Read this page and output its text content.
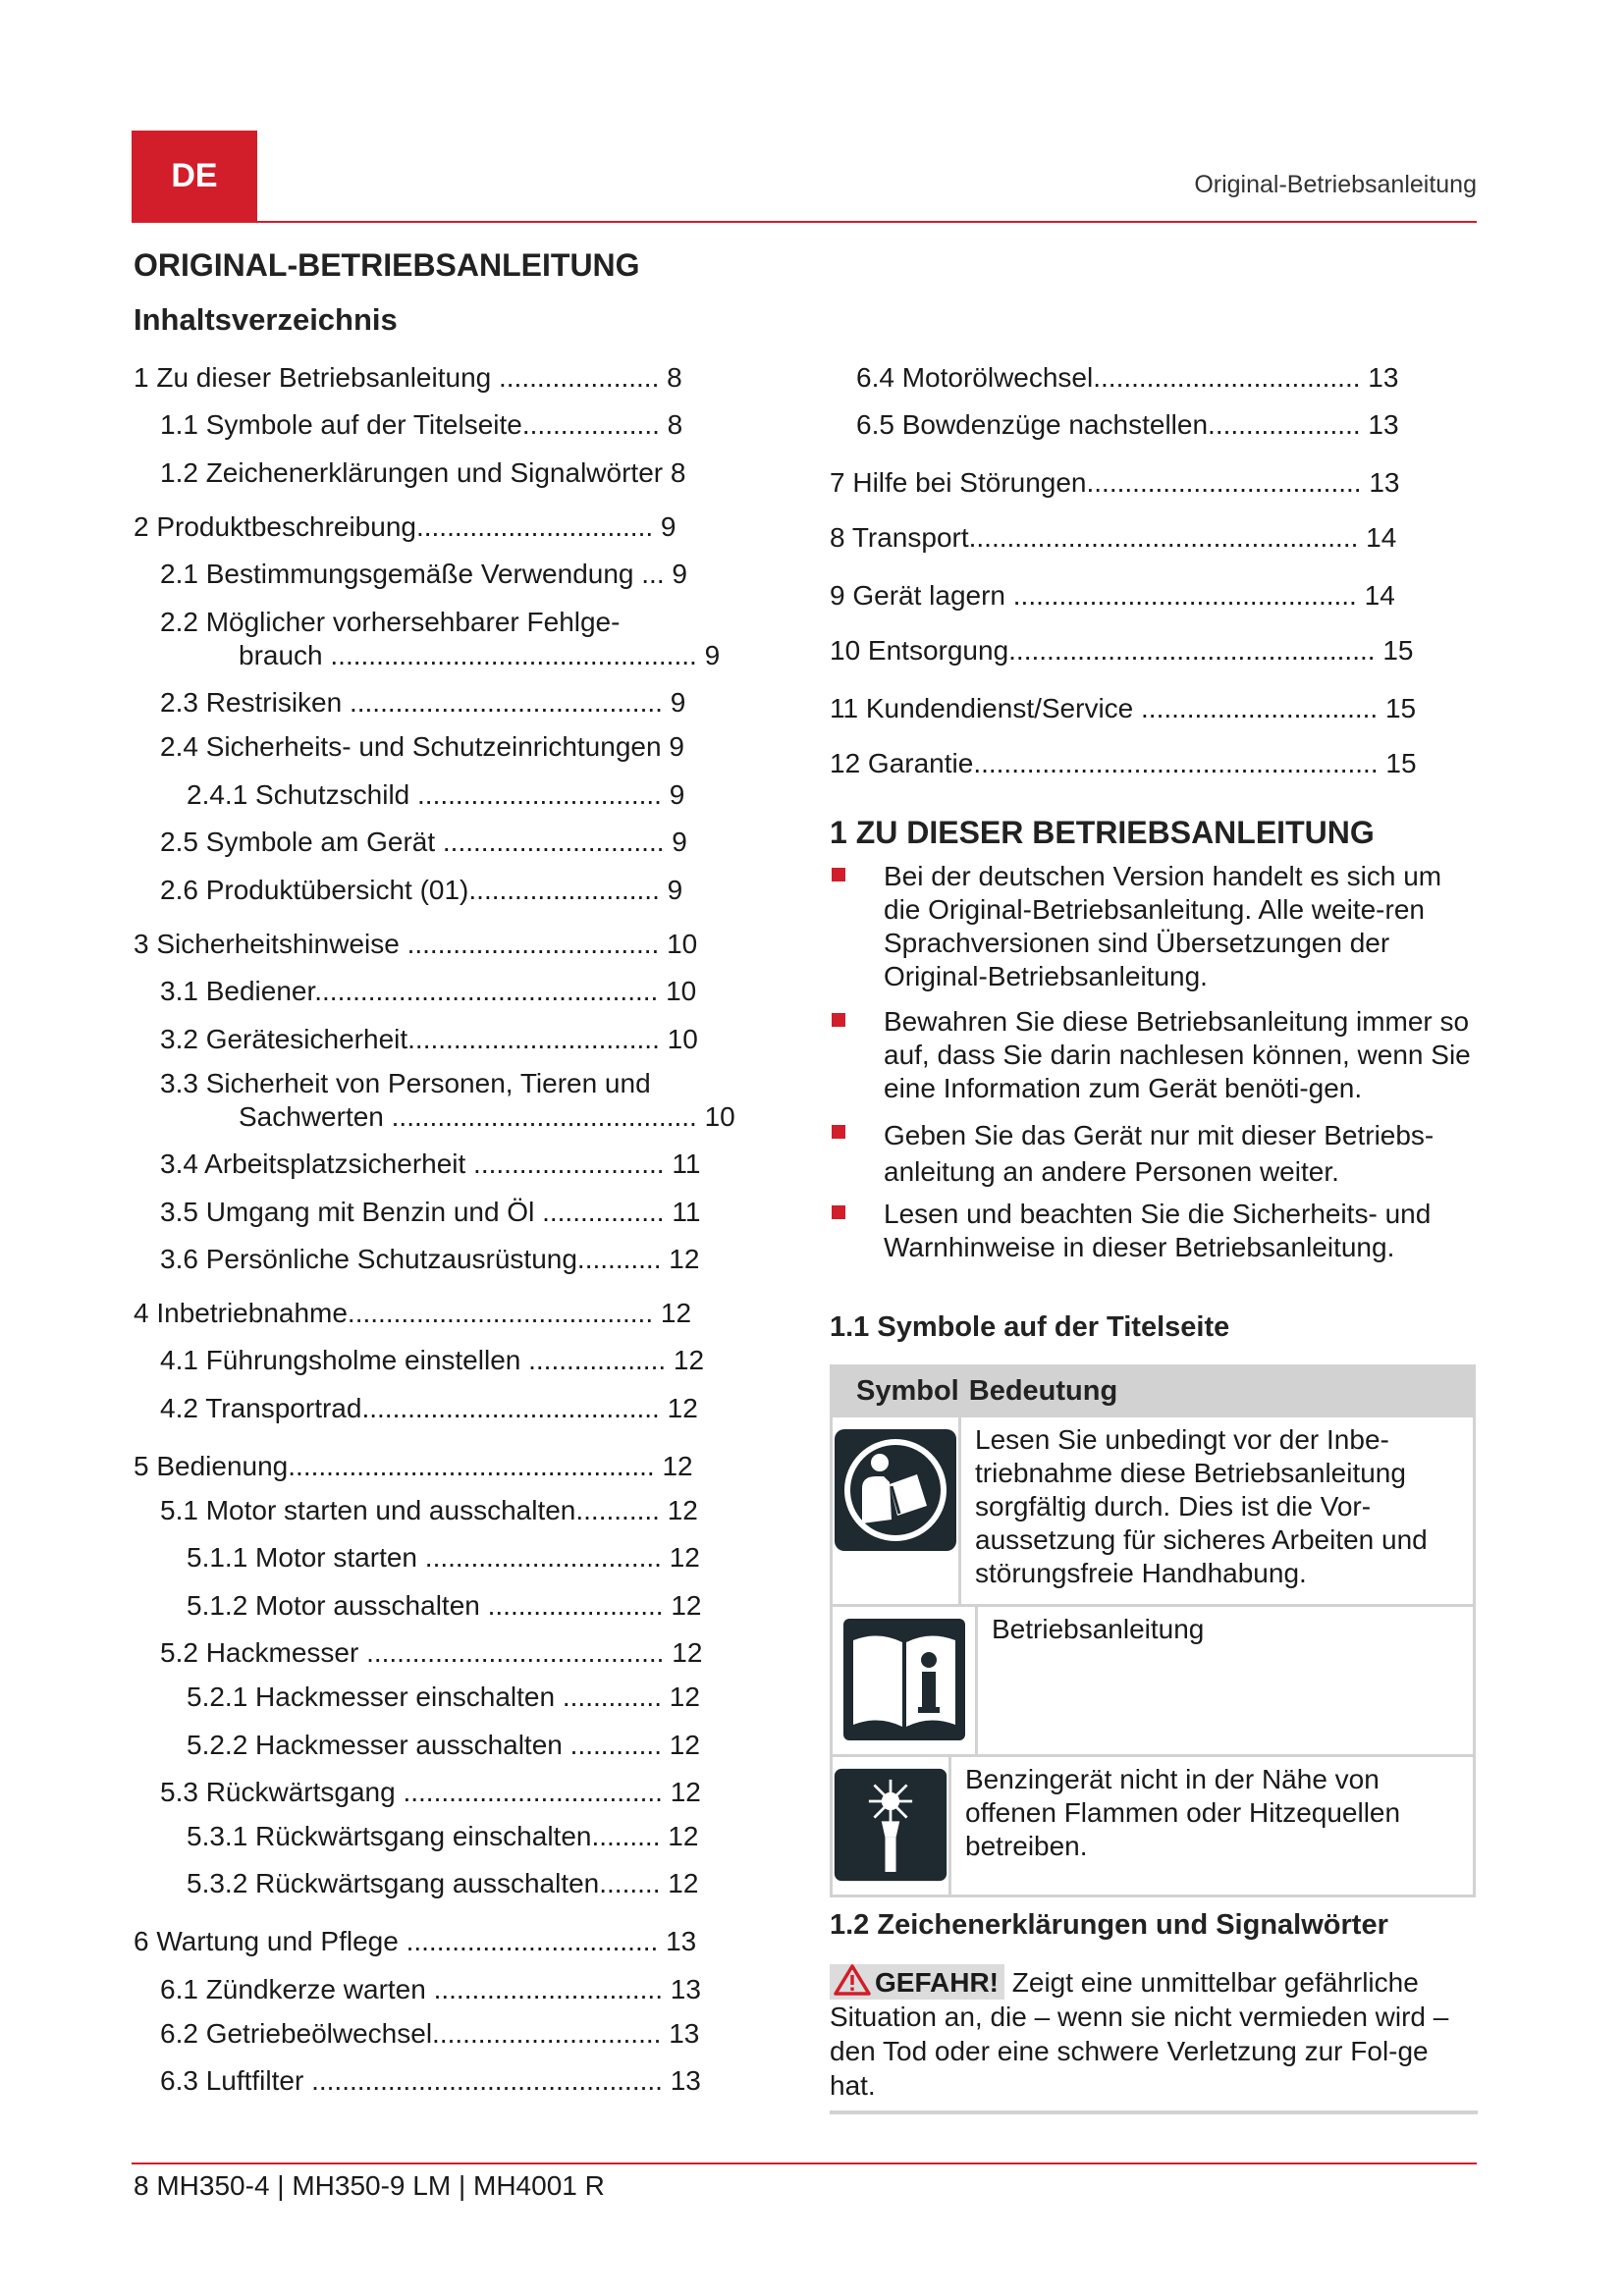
DE	Original-Betriebsanleitung
ORIGINAL-BETRIEBSANLEITUNG
Inhaltsverzeichnis
1 Zu dieser Betriebsanleitung ..................... 8
1.1 Symbole auf der Titelseite.................. 8
1.2 Zeichenerklärungen und Signalwörter 8
2 Produktbeschreibung............................... 9
2.1 Bestimmungsgemäße Verwendung ... 9
2.2 Möglicher vorhersehbarer Fehlge-
brauch ................................................ 9
2.3 Restrisiken ......................................... 9
2.4 Sicherheits- und Schutzeinrichtungen 9
2.4.1 Schutzschild ................................ 9
2.5 Symbole am Gerät ............................. 9
2.6 Produktübersicht (01)......................... 9
3 Sicherheitshinweise ................................. 10
3.1 Bediener............................................. 10
3.2 Gerätesicherheit................................. 10
3.3 Sicherheit von Personen, Tieren und
Sachwerten ........................................ 10
3.4 Arbeitsplatzsicherheit ......................... 11
3.5 Umgang mit Benzin und Öl ................ 11
3.6 Persönliche Schutzausrüstung........... 12
4 Inbetriebnahme........................................ 12
4.1 Führungsholme einstellen .................. 12
4.2 Transportrad....................................... 12
5 Bedienung................................................ 12
5.1 Motor starten und ausschalten........... 12
5.1.1 Motor starten ............................... 12
5.1.2 Motor ausschalten ....................... 12
5.2 Hackmesser ....................................... 12
5.2.1 Hackmesser einschalten ............. 12
5.2.2 Hackmesser ausschalten ............ 12
5.3 Rückwärtsgang .................................. 12
5.3.1 Rückwärtsgang einschalten......... 12
5.3.2 Rückwärtsgang ausschalten........ 12
6 Wartung und Pflege ................................. 13
6.1 Zündkerze warten .............................. 13
6.2 Getriebeölwechsel.............................. 13
6.3 Luftfilter .............................................. 13
6.4 Motorölwechsel................................... 13
6.5 Bowdenzüge nachstellen.................... 13
7 Hilfe bei Störungen.................................... 13
8 Transport................................................... 14
9 Gerät lagern ............................................. 14
10 Entsorgung................................................ 15
11 Kundendienst/Service ............................... 15
12 Garantie..................................................... 15
1 ZU DIESER BETRIEBSANLEITUNG
Bei der deutschen Version handelt es sich um die Original-Betriebsanleitung. Alle weite-ren Sprachversionen sind Übersetzungen der Original-Betriebsanleitung.
Bewahren Sie diese Betriebsanleitung immer so auf, dass Sie darin nachlesen können, wenn Sie eine Information zum Gerät benöti-gen.
Geben Sie das Gerät nur mit dieser Betriebs-anleitung an andere Personen weiter.
Lesen und beachten Sie die Sicherheits- und Warnhinweise in dieser Betriebsanleitung.
1.1 Symbole auf der Titelseite
Symbol Bedeutung
Lesen Sie unbedingt vor der Inbe-triebnahme diese Betriebsanleitung sorgfältig durch. Dies ist die Vor-aussetzung für sicheres Arbeiten und störungsfreie Handhabung.
Betriebsanleitung
Benzingerät nicht in der Nähe von offenen Flammen oder Hitzequellen betreiben.
1.2 Zeichenerklärungen und Signalwörter
GEFAHR! Zeigt eine unmittelbar gefährliche Situation an, die – wenn sie nicht vermieden wird – den Tod oder eine schwere Verletzung zur Fol-ge hat.
8 MH350-4 | MH350-9 LM | MH4001 R
